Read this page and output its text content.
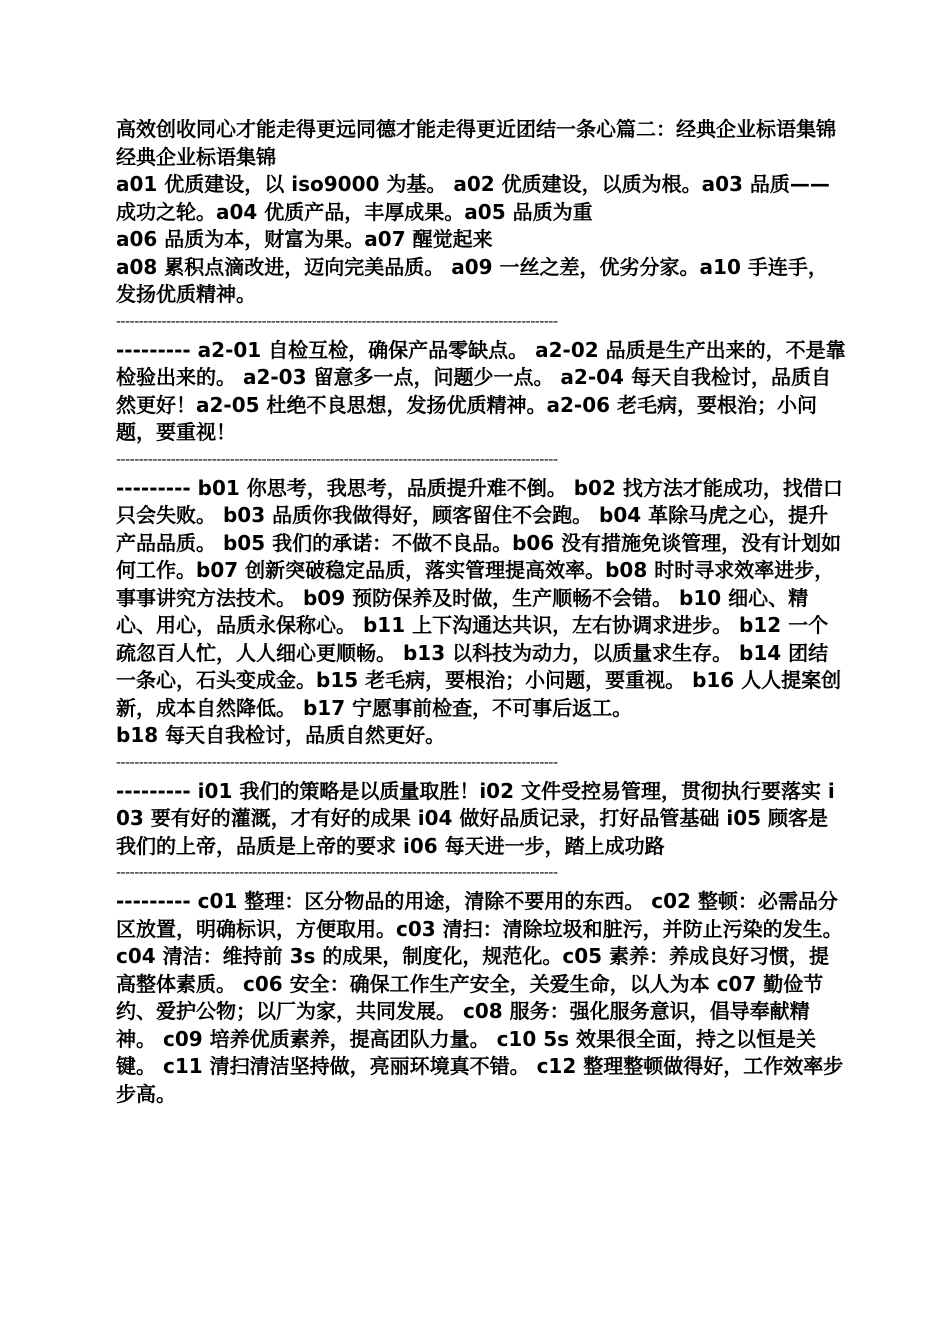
高效创收同心才能走得更远同德才能走得更近团结一条心篇二：经典企业标语集锦 经典企业标语集锦

a01 优质建设，以 iso9000 为基。 a02 优质建设，以质为根。a03 品质——成功之轮。a04 优质产品，丰厚成果。a05 品质为重

a06 品质为本，财富为果。a07 醒觉起来

a08 累积点滴改进，迈向完美品质。 a09 一丝之差，优劣分家。a10 手连手，发扬优质精神。

-------------------------------------------------------------------------------------------------

--------- a2-01 自检互检，确保产品零缺点。 a2-02 品质是生产出来的，不是靠检验出来的。 a2-03 留意多一点，问题少一点。 a2-04 每天自我检讨，品质自然更好！a2-05 杜绝不良思想，发扬优质精神。a2-06 老毛病，要根治；小问题，要重视！

-------------------------------------------------------------------------------------------------

--------- b01 你思考，我思考，品质提升难不倒。 b02 找方法才能成功，找借口只会失败。 b03 品质你我做得好，顾客留住不会跑。 b04 革除马虎之心，提升产品品质。 b05 我们的承诺：不做不良品。b06 没有措施免谈管理，没有计划如何工作。b07 创新突破稳定品质，落实管理提高效率。b08 时时寻求效率进步，事事讲究方法技术。 b09 预防保养及时做，生产顺畅不会错。 b10 细心、精心、用心，品质永保称心。 b11 上下沟通达共识，左右协调求进步。 b12 一个疏忽百人忙，人人细心更顺畅。 b13 以科技为动力，以质量求生存。 b14 团结一条心，石头变成金。b15 老毛病，要根治；小问题，要重视。 b16 人人提案创新，成本自然降低。 b17 宁愿事前检查，不可事后返工。

b18 每天自我检讨，品质自然更好。

-------------------------------------------------------------------------------------------------

--------- i01 我们的策略是以质量取胜！i02 文件受控易管理，贯彻执行要落实 i03 要有好的灌溉，才有好的成果 i04 做好品质记录，打好品管基础 i05 顾客是我们的上帝，品质是上帝的要求 i06 每天进一步，踏上成功路

-------------------------------------------------------------------------------------------------

--------- c01 整理：区分物品的用途，清除不要用的东西。 c02 整顿：必需品分区放置，明确标识，方便取用。c03 清扫：清除垃圾和脏污，并防止污染的发生。 c04 清洁：维持前 3s 的成果，制度化，规范化。c05 素养：养成良好习惯，提高整体素质。 c06 安全：确保工作生产安全，关爱生命，以人为本 c07 勤俭节约、爱护公物；以厂为家，共同发展。 c08 服务：强化服务意识，倡导奉献精神。 c09 培养优质素养，提高团队力量。 c10 5s 效果很全面，持之以恒是关键。 c11 清扫清洁坚持做，亮丽环境真不错。 c12 整理整顿做得好，工作效率步步高。
